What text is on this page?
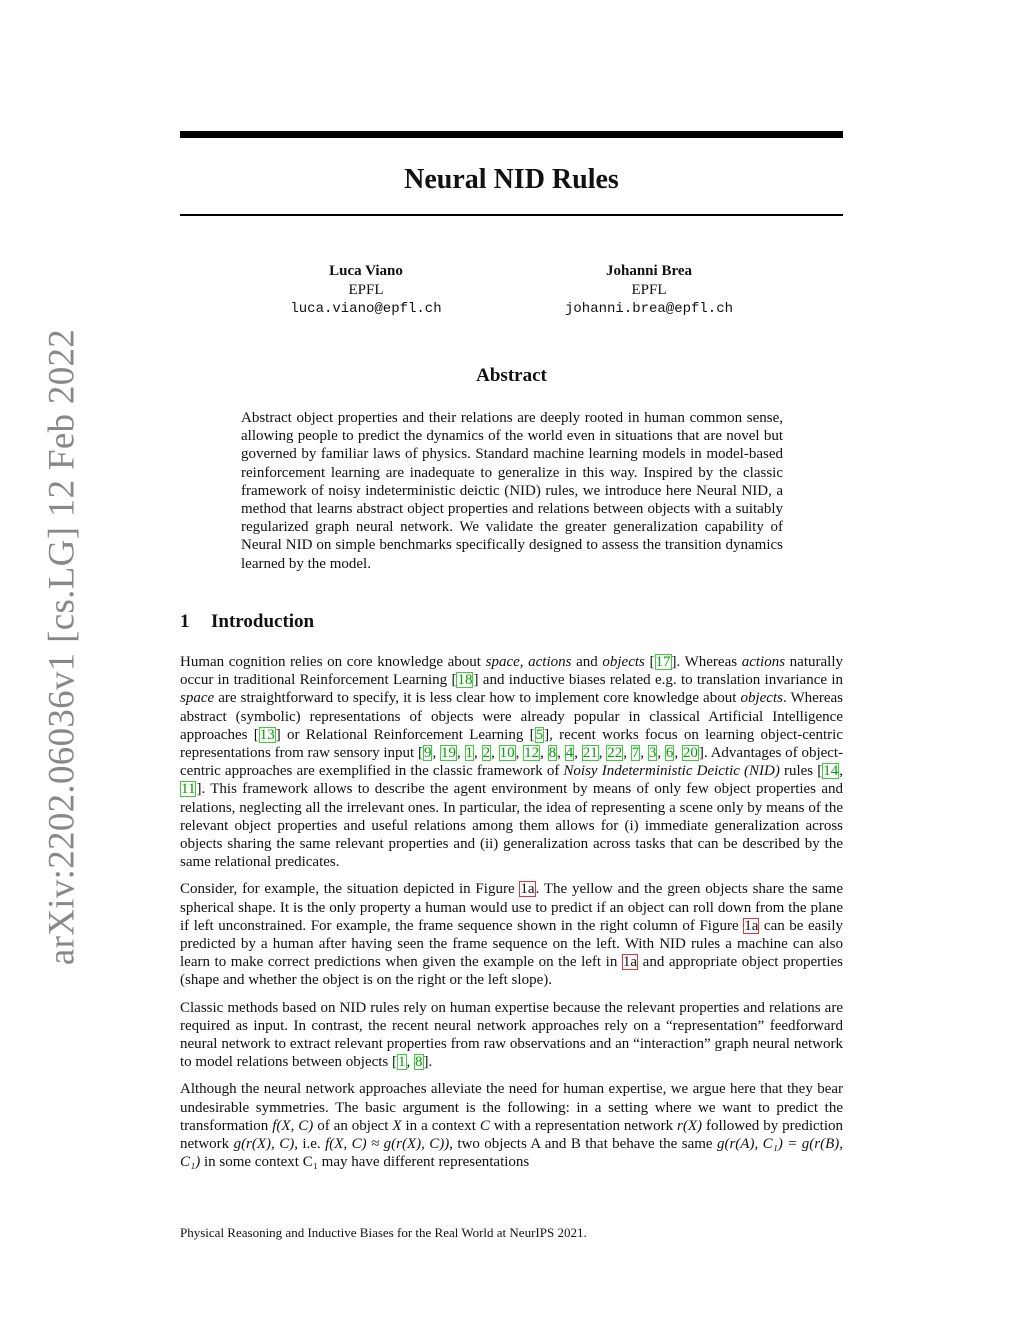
arXiv:2202.06036v1 [cs.LG] 12 Feb 2022
Neural NID Rules
Luca Viano
EPFL
luca.viano@epfl.ch
Johanni Brea
EPFL
johanni.brea@epfl.ch
Abstract

Abstract object properties and their relations are deeply rooted in human common sense, allowing people to predict the dynamics of the world even in situations that are novel but governed by familiar laws of physics. Standard machine learning models in model-based reinforcement learning are inadequate to generalize in this way. Inspired by the classic framework of noisy indeterministic deictic (NID) rules, we introduce here Neural NID, a method that learns abstract object properties and relations between objects with a suitably regularized graph neural network. We validate the greater generalization capability of Neural NID on simple benchmarks specifically designed to assess the transition dynamics learned by the model.

1 Introduction

Human cognition relies on core knowledge about space, actions and objects [17]. Whereas actions naturally occur in traditional Reinforcement Learning [18] and inductive biases related e.g. to translation invariance in space are straightforward to specify, it is less clear how to implement core knowledge about objects. Whereas abstract (symbolic) representations of objects were already popular in classical Artificial Intelligence approaches [13] or Relational Reinforcement Learning [5], recent works focus on learning object-centric representations from raw sensory input [9, 19, 1, 2, 10, 12, 8, 4, 21, 22, 7, 3, 6, 20]. Advantages of object-centric approaches are exemplified in the classic framework of Noisy Indeterministic Deictic (NID) rules [14, 11]. This framework allows to describe the agent environment by means of only few object properties and relations, neglecting all the irrelevant ones. In particular, the idea of representing a scene only by means of the relevant object properties and useful relations among them allows for (i) immediate generalization across objects sharing the same relevant properties and (ii) generalization across tasks that can be described by the same relational predicates.

Consider, for example, the situation depicted in Figure 1a. The yellow and the green objects share the same spherical shape. It is the only property a human would use to predict if an object can roll down from the plane if left unconstrained. For example, the frame sequence shown in the right column of Figure 1a can be easily predicted by a human after having seen the frame sequence on the left. With NID rules a machine can also learn to make correct predictions when given the example on the left in 1a and appropriate object properties (shape and whether the object is on the right or the left slope).

Classic methods based on NID rules rely on human expertise because the relevant properties and relations are required as input. In contrast, the recent neural network approaches rely on a “representation” feedforward neural network to extract relevant properties from raw observations and an “interaction” graph neural network to model relations between objects [1, 8].

Although the neural network approaches alleviate the need for human expertise, we argue here that they bear undesirable symmetries. The basic argument is the following: in a setting where we want to predict the transformation f(X, C) of an object X in a context C with a representation network r(X) followed by prediction network g(r(X), C), i.e. f(X, C) ≈ g(r(X), C)), two objects A and B that behave the same g(r(A), C₁) = g(r(B), C₁) in some context C₁ may have different representations

Physical Reasoning and Inductive Biases for the Real World at NeurIPS 2021.
